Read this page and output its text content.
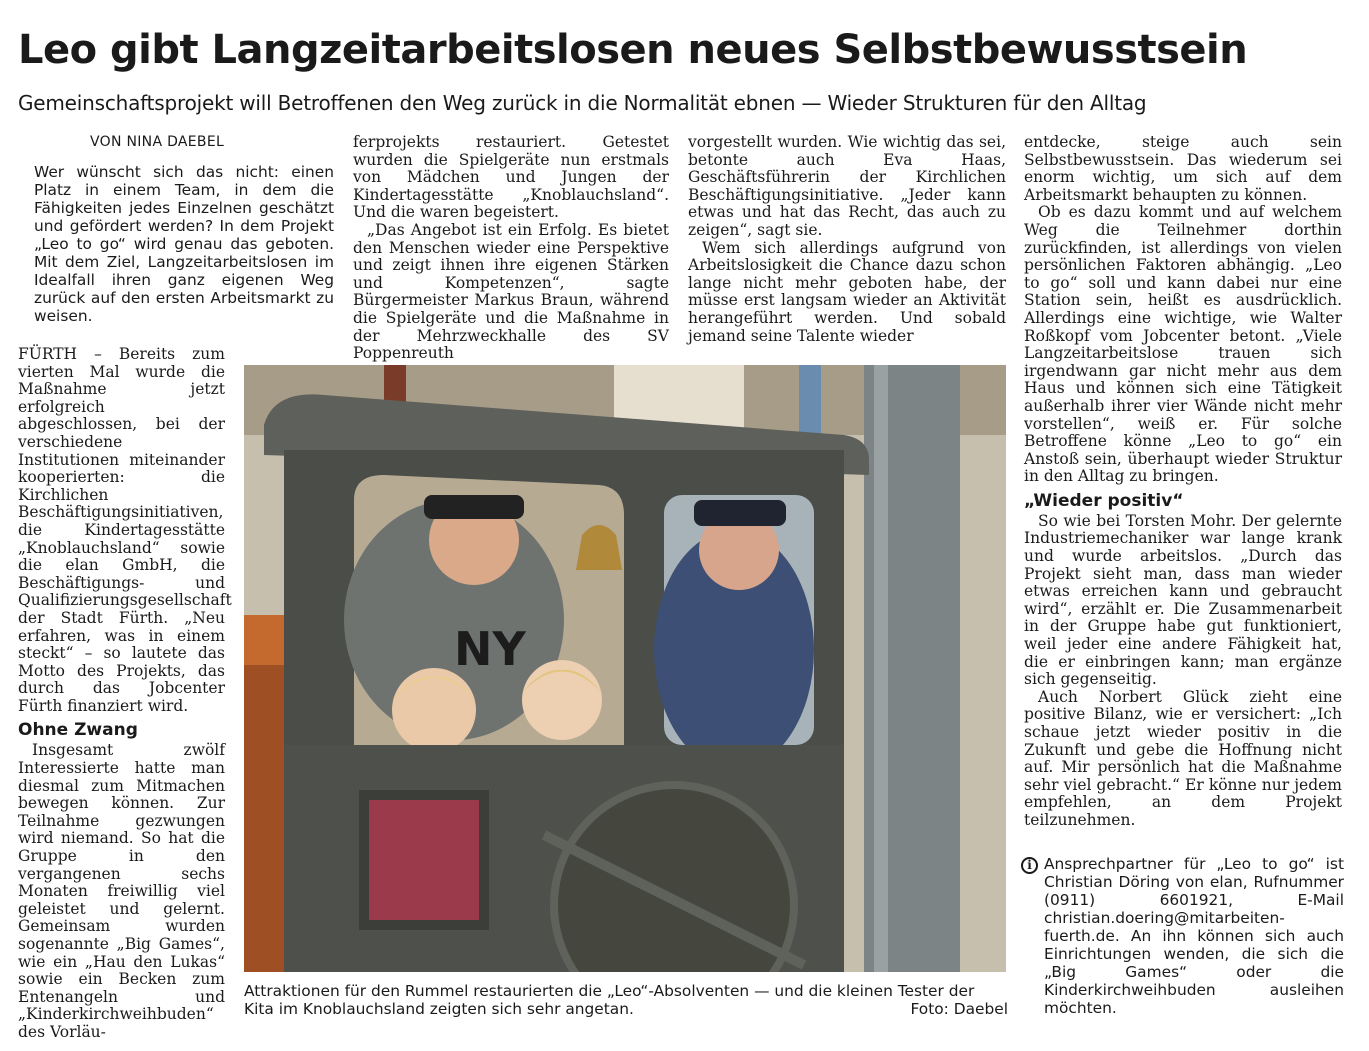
Leo gibt Langzeitarbeitslosen neues Selbstbewusstsein
Gemeinschaftsprojekt will Betroffenen den Weg zurück in die Normalität ebnen — Wieder Strukturen für den Alltag
VON NINA DAEBEL

Wer wünscht sich das nicht: einen Platz in einem Team, in dem die Fähigkeiten jedes Einzelnen geschätzt und gefördert werden? In dem Projekt „Leo to go“ wird genau das geboten. Mit dem Ziel, Langzeitarbeitslosen im Idealfall ihren ganz eigenen Weg zurück auf den ersten Arbeitsmarkt zu weisen.

FÜRTH – Bereits zum vierten Mal wurde die Maßnahme jetzt erfolgreich abgeschlossen, bei der verschiedene Institutionen miteinander kooperierten: die Kirchlichen Beschäftigungsinitiativen, die Kindertagesstätte „Knoblauchsland“ sowie die elan GmbH, die Beschäftigungs- und Qualifizierungsgesellschaft der Stadt Fürth. „Neu erfahren, was in einem steckt“ – so lautete das Motto des Projekts, das durch das Jobcenter Fürth finanziert wird.

Ohne Zwang

Insgesamt zwölf Interessierte hatte man diesmal zum Mitmachen bewegen können. Zur Teilnahme gezwungen wird niemand. So hat die Gruppe in den vergangenen sechs Monaten freiwillig viel geleistet und gelernt. Gemeinsam wurden sogenannte „Big Games“, wie ein „Hau den Lukas“ sowie ein Becken zum Entenangeln und „Kinderkirchweihbuden“ des Vorläu-

ferprojekts restauriert. Getestet wurden die Spielgeräte nun erstmals von Mädchen und Jungen der Kindertagesstätte „Knoblauchsland“. Und die waren begeistert.

„Das Angebot ist ein Erfolg. Es bietet den Menschen wieder eine Perspektive und zeigt ihnen ihre eigenen Stärken und Kompetenzen“, sagte Bürgermeister Markus Braun, während die Spielgeräte und die Maßnahme in der Mehrzweckhalle des SV Poppenreuth

vorgestellt wurden. Wie wichtig das sei, betonte auch Eva Haas, Geschäftsführerin der Kirchlichen Beschäftigungsinitiative. „Jeder kann etwas und hat das Recht, das auch zu zeigen“, sagt sie.

Wem sich allerdings aufgrund von Arbeitslosigkeit die Chance dazu schon lange nicht mehr geboten habe, der müsse erst langsam wieder an Aktivität herangeführt werden. Und sobald jemand seine Talente wieder

entdecke, steige auch sein Selbstbewusstsein. Das wiederum sei enorm wichtig, um sich auf dem Arbeitsmarkt behaupten zu können.

Ob es dazu kommt und auf welchem Weg die Teilnehmer dorthin zurückfinden, ist allerdings von vielen persönlichen Faktoren abhängig. „Leo to go“ soll und kann dabei nur eine Station sein, heißt es ausdrücklich. Allerdings eine wichtige, wie Walter Roßkopf vom Jobcenter betont. „Viele Langzeitarbeitslose trauen sich irgendwann gar nicht mehr aus dem Haus und können sich eine Tätigkeit außerhalb ihrer vier Wände nicht mehr vorstellen“, weiß er. Für solche Betroffene könne „Leo to go“ ein Anstoß sein, überhaupt wieder Struktur in den Alltag zu bringen.

„Wieder positiv“

So wie bei Torsten Mohr. Der gelernte Industriemechaniker war lange krank und wurde arbeitslos. „Durch das Projekt sieht man, dass man wieder etwas erreichen kann und gebraucht wird“, erzählt er. Die Zusammenarbeit in der Gruppe habe gut funktioniert, weil jeder eine andere Fähigkeit hat, die er einbringen kann; man ergänze sich gegenseitig.

Auch Norbert Glück zieht eine positive Bilanz, wie er versichert: „Ich schaue jetzt wieder positiv in die Zukunft und gebe die Hoffnung nicht auf. Mir persönlich hat die Maßnahme sehr viel gebracht.“ Er könne nur jedem empfehlen, an dem Projekt teilzunehmen.

NY
Attraktionen für den Rummel restaurierten die „Leo“-Absolventen — und die kleinen Tester der Kita im Knoblauchsland zeigten sich sehr angetan.	Foto: Daebel
i Ansprechpartner für „Leo to go“ ist Christian Döring von elan, Rufnummer (0911) 6601921, E-Mail christian.doering@mitarbeiten-fuerth.de. An ihn können sich auch Einrichtungen wenden, die sich die „Big Games“ oder die Kinderkirchweihbuden ausleihen möchten.
